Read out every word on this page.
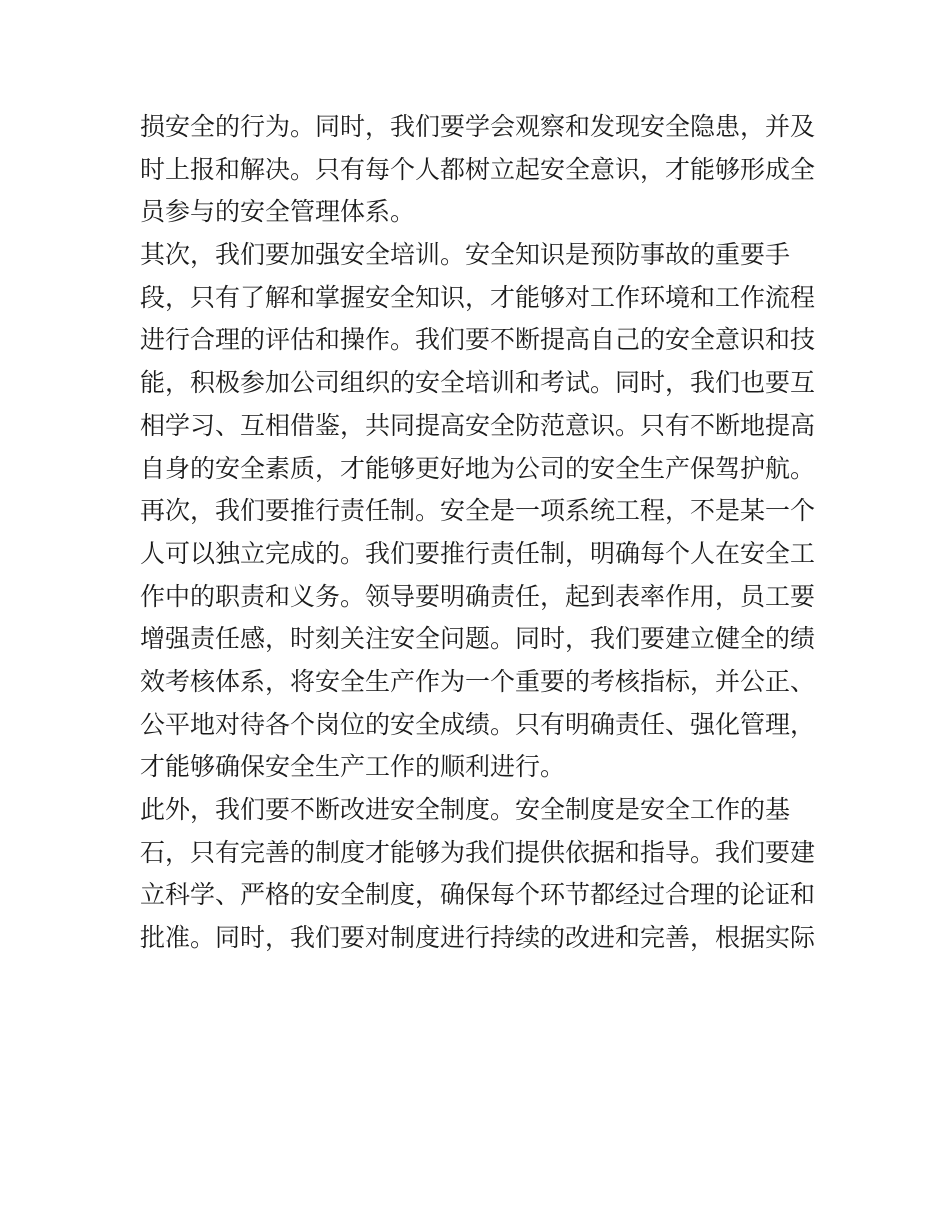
损安全的行为。同时，我们要学会观察和发现安全隐患，并及
时上报和解决。只有每个人都树立起安全意识，才能够形成全
员参与的安全管理体系。
其次，我们要加强安全培训。安全知识是预防事故的重要手
段，只有了解和掌握安全知识，才能够对工作环境和工作流程
进行合理的评估和操作。我们要不断提高自己的安全意识和技
能，积极参加公司组织的安全培训和考试。同时，我们也要互
相学习、互相借鉴，共同提高安全防范意识。只有不断地提高
自身的安全素质，才能够更好地为公司的安全生产保驾护航。
再次，我们要推行责任制。安全是一项系统工程，不是某一个
人可以独立完成的。我们要推行责任制，明确每个人在安全工
作中的职责和义务。领导要明确责任，起到表率作用，员工要
增强责任感，时刻关注安全问题。同时，我们要建立健全的绩
效考核体系，将安全生产作为一个重要的考核指标，并公正、
公平地对待各个岗位的安全成绩。只有明确责任、强化管理，
才能够确保安全生产工作的顺利进行。
此外，我们要不断改进安全制度。安全制度是安全工作的基
石，只有完善的制度才能够为我们提供依据和指导。我们要建
立科学、严格的安全制度，确保每个环节都经过合理的论证和
批准。同时，我们要对制度进行持续的改进和完善，根据实际
